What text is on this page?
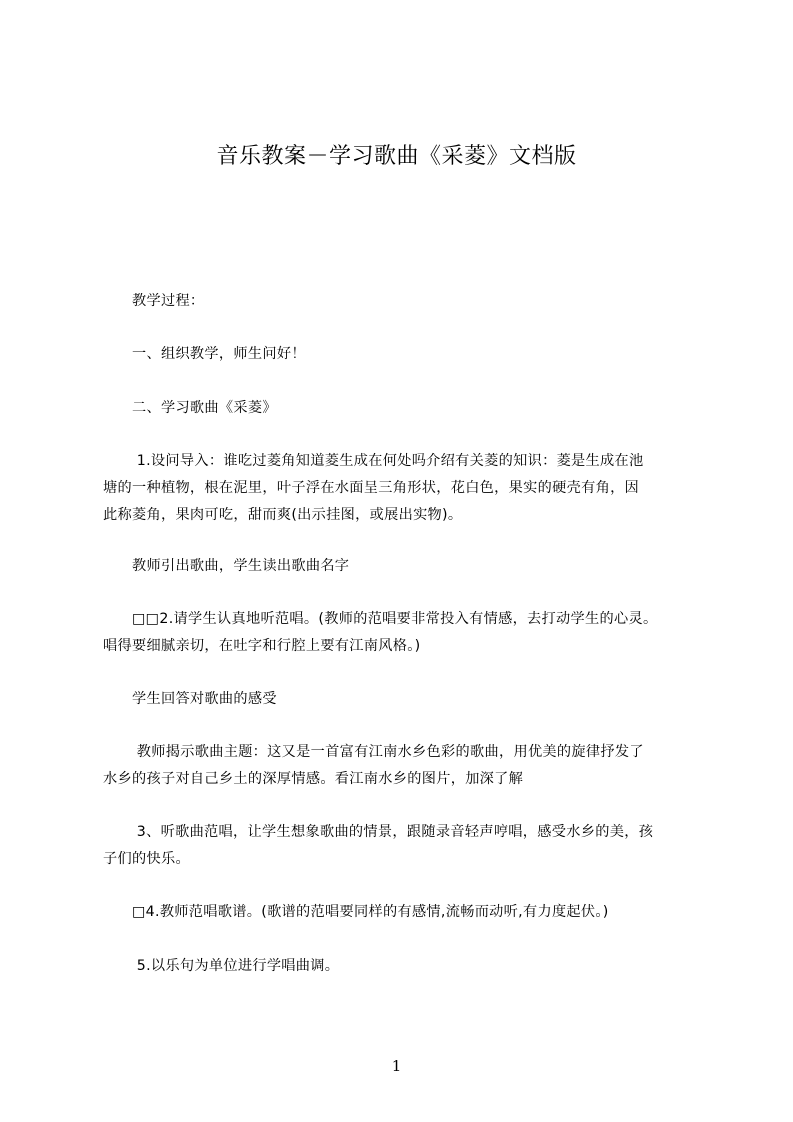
音乐教案－学习歌曲《采菱》文档版

　　教学过程：

　　一、组织教学，师生问好！

　　二、学习歌曲《采菱》

　　 1.设问导入：谁吃过菱角知道菱生成在何处吗介绍有关菱的知识：菱是生成在池
塘的一种植物，根在泥里，叶子浮在水面呈三角形状，花白色，果实的硬壳有角，因
此称菱角，果肉可吃，甜而爽(出示挂图，或展出实物)。

　　教师引出歌曲，学生读出歌曲名字

　　□□2.请学生认真地听范唱。(教师的范唱要非常投入有情感，去打动学生的心灵。
唱得要细腻亲切，在吐字和行腔上要有江南风格。)

　　学生回答对歌曲的感受

　　 教师揭示歌曲主题：这又是一首富有江南水乡色彩的歌曲，用优美的旋律抒发了
水乡的孩子对自己乡土的深厚情感。看江南水乡的图片，加深了解

　　 3、听歌曲范唱，让学生想象歌曲的情景，跟随录音轻声哼唱，感受水乡的美，孩
子们的快乐。

　　□4.教师范唱歌谱。(歌谱的范唱要同样的有感情,流畅而动听,有力度起伏。)

　　 5.以乐句为单位进行学唱曲调。

1
